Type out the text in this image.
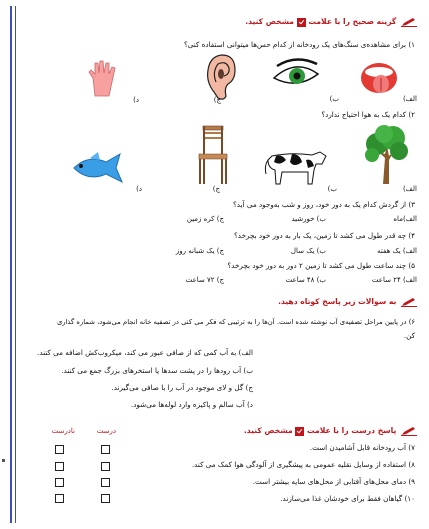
گزینه صحیح را با علامت  مشخص کنید.
۱) برای مشاهده‌ی سنگ‌های یک رودخانه از کدام حس‌ها میتوانی استفاده کنی؟
الف)
ب)
ج)
د)
۲) کدام یک به هوا احتیاج ندارد؟
الف)
ب)
ج)
د)
۳) از گردش کدام یک به دور خود، روز و شب به‌وجود می آید؟
الف)ماه
ب) خورشید
ج) کره زمین
۴) چه قدر طول می کشد تا زمین، یک بار به دور خود بچرخد؟
الف) یک هفته
ب) یک سال
ج) یک شبانه روز
۵) چند ساعت طول می کشد تا زمین ۲ دور به دور خود بچرخد؟
الف) ۲۴ ساعت
ب) ۴۸ ساعت
ج) ۷۲ ساعت
به سوالات زیر پاسخ کوتاه دهید.
۶) در پایین مراحل تصفیه‌ی آب نوشته شده است. آن‌ها را به ترتیبی که فکر می کنی در تصفیه خانه انجام می‌شود، شماره گذاری
کن.
الف) به آب کمی که از صافی عبور می کند، میکروب‌کش اضافه می کنند.
ب) آب رودها را در پشت سدها یا استخرهای بزرگ جمع می کنند.
ج) گل و لای موجود در آب را با صافی می‌گیرند.
د) آب سالم و پاکیزه وارد لوله‌ها می‌شود.
پاسخ درست را با علامت  مشخص کنید.
درست
نادرست
۷) آب رودخانه قابل آشامیدن است.
۸) استفاده از وسایل نقلیه عمومی به پیشگیری از آلودگی هوا کمک می کند.
۹) دمای محل‌های آفتابی از محل‌های سایه بیشتر است.
۱۰) گیاهان فقط برای خودشان غذا می‌سازند.
